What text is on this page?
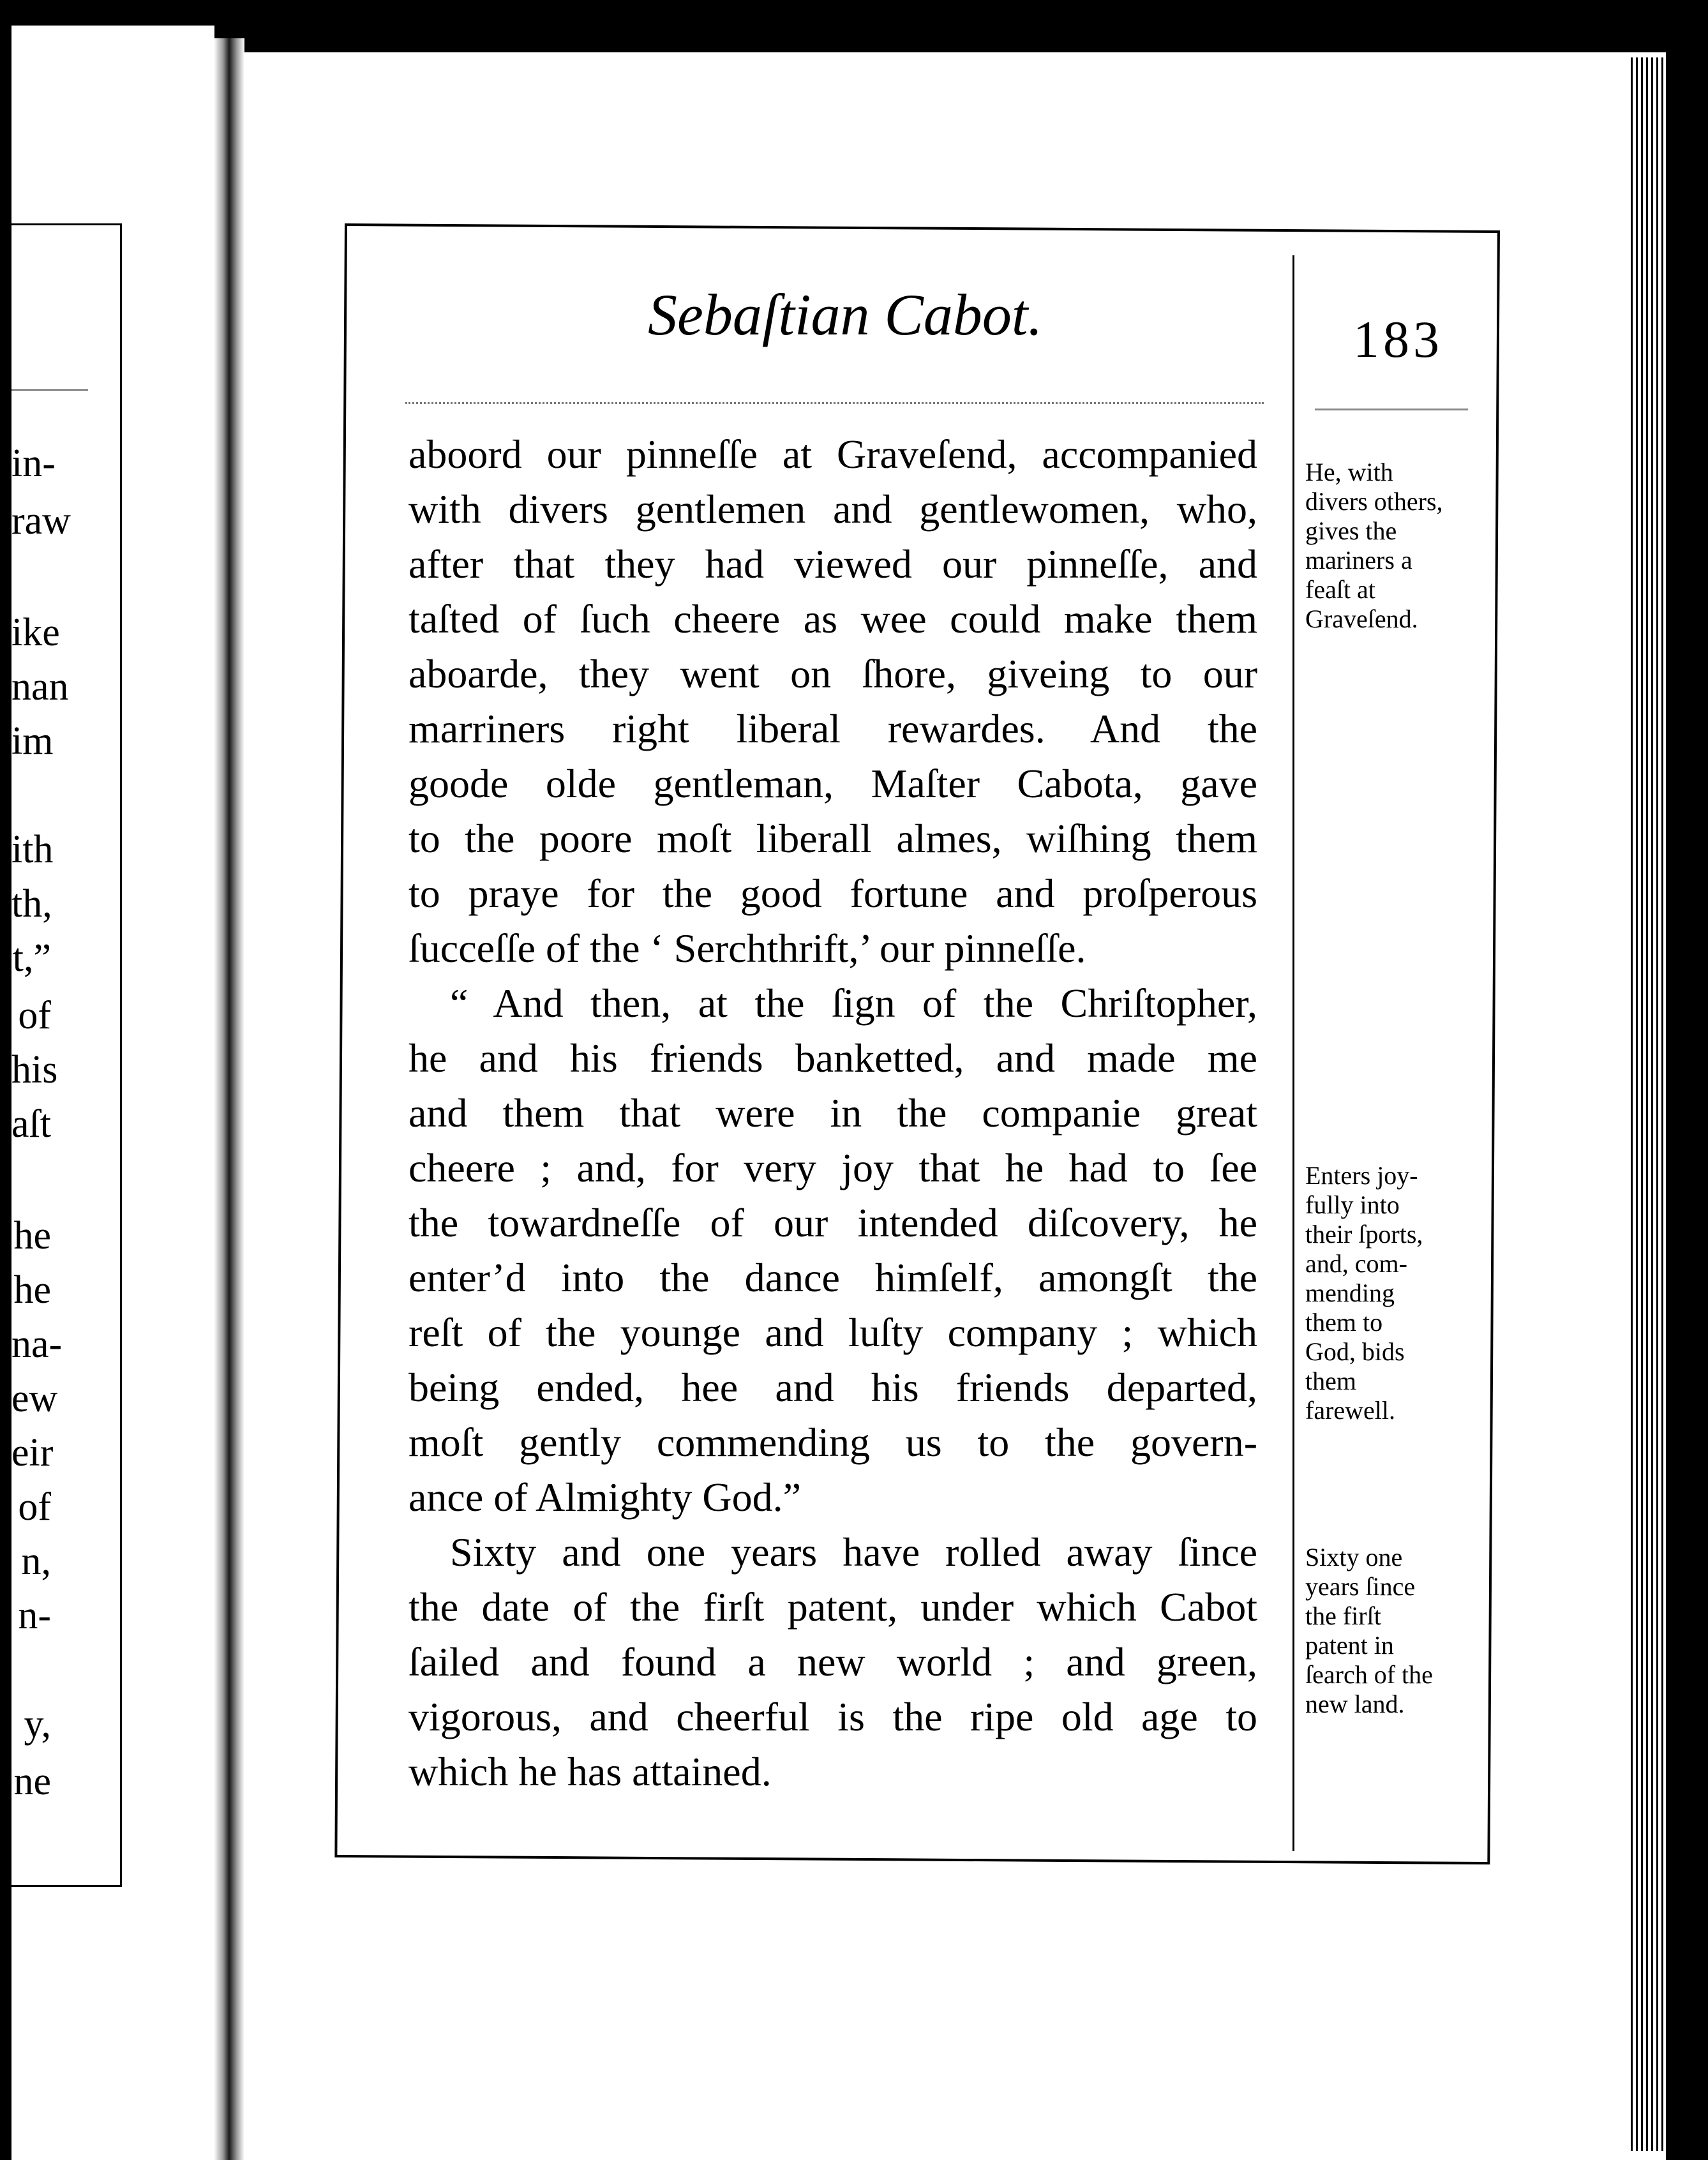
in-
raw
ike
nan
im
ith
th,
t,”
of
his
aſt
he
he
na-
ew
eir
of
n,
n-
y,
ne
Sebaſtian Cabot.	183
aboord our pinneſſe at Graveſend, accompanied
with divers gentlemen and gentlewomen, who,
after that they had viewed our pinneſſe, and
taſted of ſuch cheere as wee could make them
aboarde, they went on ſhore, giveing to our
marriners right liberal rewardes. And the
goode olde gentleman, Maſter Cabota, gave
to the poore moſt liberall almes, wiſhing them
to praye for the good fortune and proſperous
ſucceſſe of the ‘ Serchthrift,’ our pinneſſe.
“ And then, at the ſign of the Chriſtopher,
he and his friends banketted, and made me
and them that were in the companie great
cheere ; and, for very joy that he had to ſee
the towardneſſe of our intended diſcovery, he
enter’d into the dance himſelf, amongſt the
reſt of the younge and luſty company ; which
being ended, hee and his friends departed,
moſt gently commending us to the govern-
ance of Almighty God.”
Sixty and one years have rolled away ſince
the date of the firſt patent, under which Cabot
ſailed and found a new world ; and green,
vigorous, and cheerful is the ripe old age to
which he has attained.
He, with
divers others,
gives the
mariners a
feaſt at
Graveſend.
Enters joy-
fully into
their ſports,
and, com-
mending
them to
God, bids
them
farewell.
Sixty one
years ſince
the firſt
patent in
ſearch of the
new land.
